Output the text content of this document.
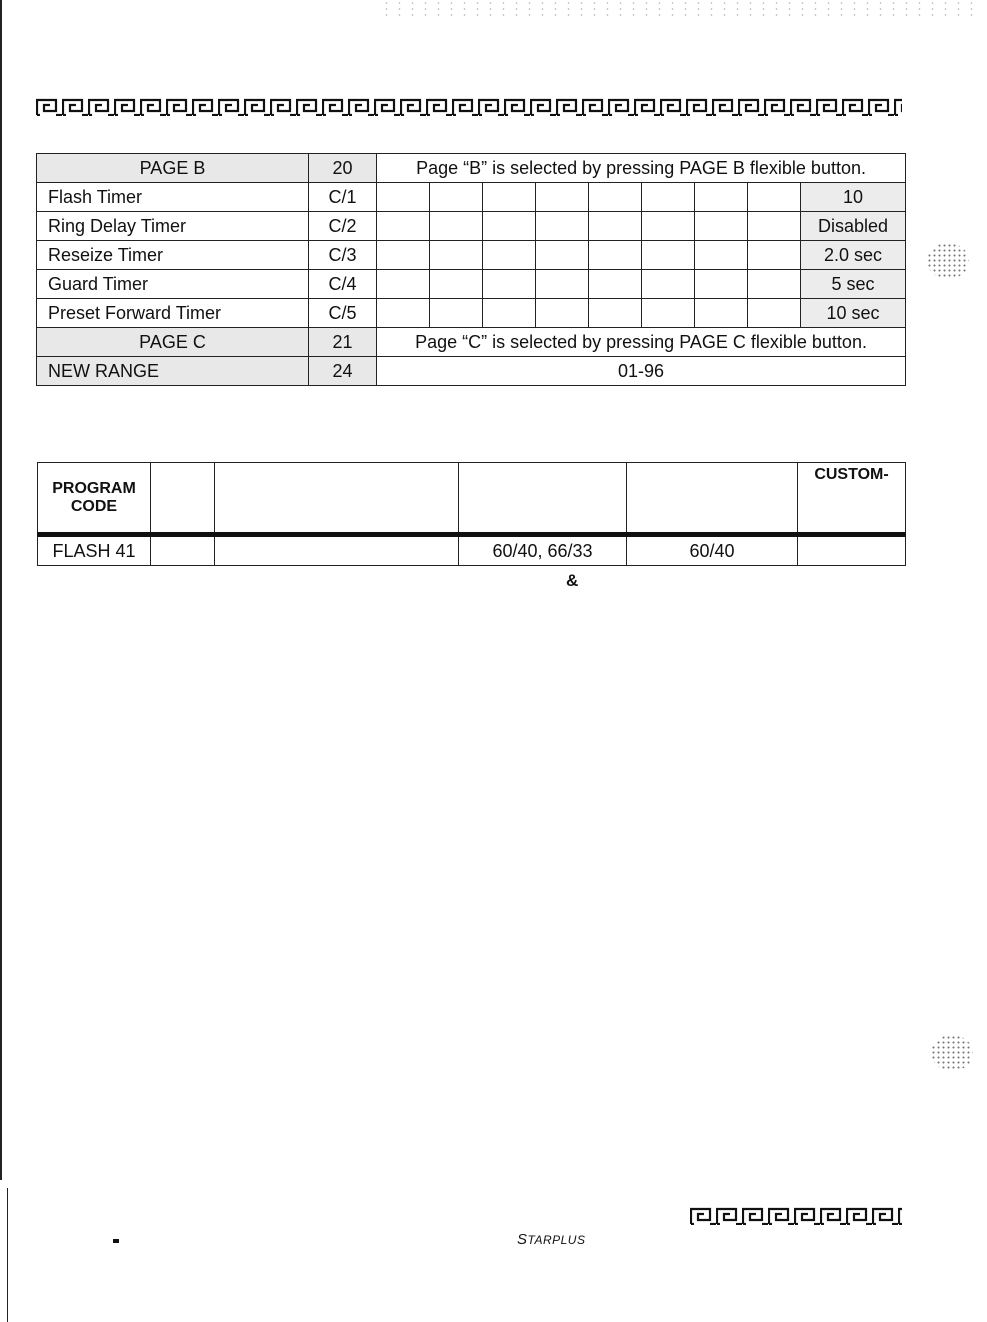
PAGE B	20	Page “B” is selected by pressing PAGE B flexible button.								
Flash Timer	C/1									10
Ring Delay Timer	C/2									Disabled
Reseize Timer	C/3									2.0 sec
Guard Timer	C/4									5 sec
Preset Forward Timer	C/5									10 sec
PAGE C	21	Page “C” is selected by pressing PAGE C flexible button.								
NEW RANGE	24	01-96								
PROGRAM
CODE					CUSTOM-
FLASH 41			60/40, 66/33	60/40	
&
STARPLUS
